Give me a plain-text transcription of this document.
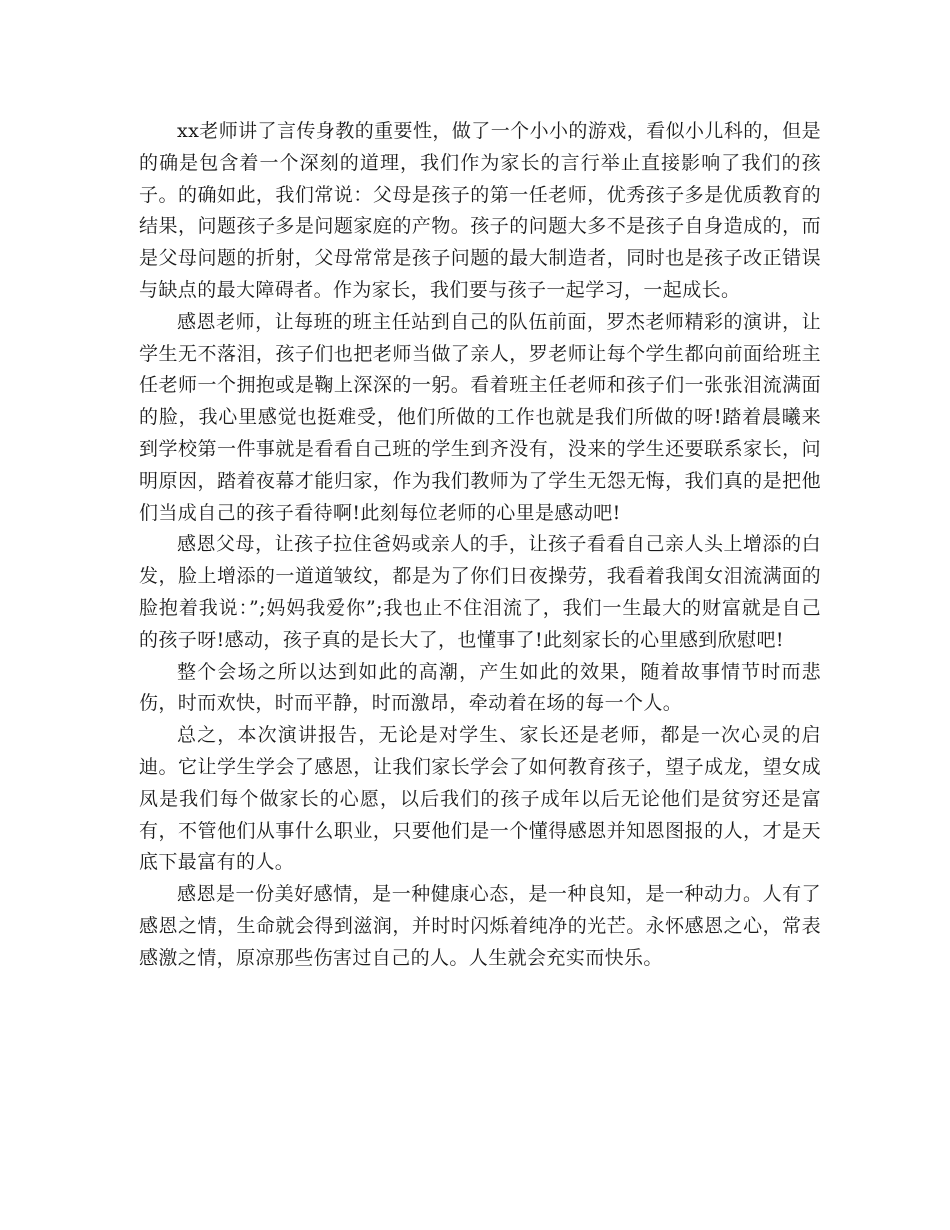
xx老师讲了言传身教的重要性，做了一个小小的游戏，看似小儿科的，但是的确是包含着一个深刻的道理，我们作为家长的言行举止直接影响了我们的孩子。的确如此，我们常说：父母是孩子的第一任老师，优秀孩子多是优质教育的结果，问题孩子多是问题家庭的产物。孩子的问题大多不是孩子自身造成的，而是父母问题的折射，父母常常是孩子问题的最大制造者，同时也是孩子改正错误与缺点的最大障碍者。作为家长，我们要与孩子一起学习，一起成长。

感恩老师，让每班的班主任站到自己的队伍前面，罗杰老师精彩的演讲，让学生无不落泪，孩子们也把老师当做了亲人，罗老师让每个学生都向前面给班主任老师一个拥抱或是鞠上深深的一躬。看着班主任老师和孩子们一张张泪流满面的脸，我心里感觉也挺难受，他们所做的工作也就是我们所做的呀!踏着晨曦来到学校第一件事就是看看自己班的学生到齐没有，没来的学生还要联系家长，问明原因，踏着夜幕才能归家，作为我们教师为了学生无怨无悔，我们真的是把他们当成自己的孩子看待啊!此刻每位老师的心里是感动吧!

感恩父母，让孩子拉住爸妈或亲人的手，让孩子看看自己亲人头上增添的白发，脸上增添的一道道皱纹，都是为了你们日夜操劳，我看着我闺女泪流满面的脸抱着我说：”;妈妈我爱你”;我也止不住泪流了，我们一生最大的财富就是自己的孩子呀!感动，孩子真的是长大了，也懂事了!此刻家长的心里感到欣慰吧!

整个会场之所以达到如此的高潮，产生如此的效果，随着故事情节时而悲伤，时而欢快，时而平静，时而激昂，牵动着在场的每一个人。

总之，本次演讲报告，无论是对学生、家长还是老师，都是一次心灵的启迪。它让学生学会了感恩，让我们家长学会了如何教育孩子，望子成龙，望女成凤是我们每个做家长的心愿，以后我们的孩子成年以后无论他们是贫穷还是富有，不管他们从事什么职业，只要他们是一个懂得感恩并知恩图报的人，才是天底下最富有的人。

感恩是一份美好感情，是一种健康心态，是一种良知，是一种动力。人有了感恩之情，生命就会得到滋润，并时时闪烁着纯净的光芒。永怀感恩之心，常表感激之情，原凉那些伤害过自己的人。人生就会充实而快乐。
